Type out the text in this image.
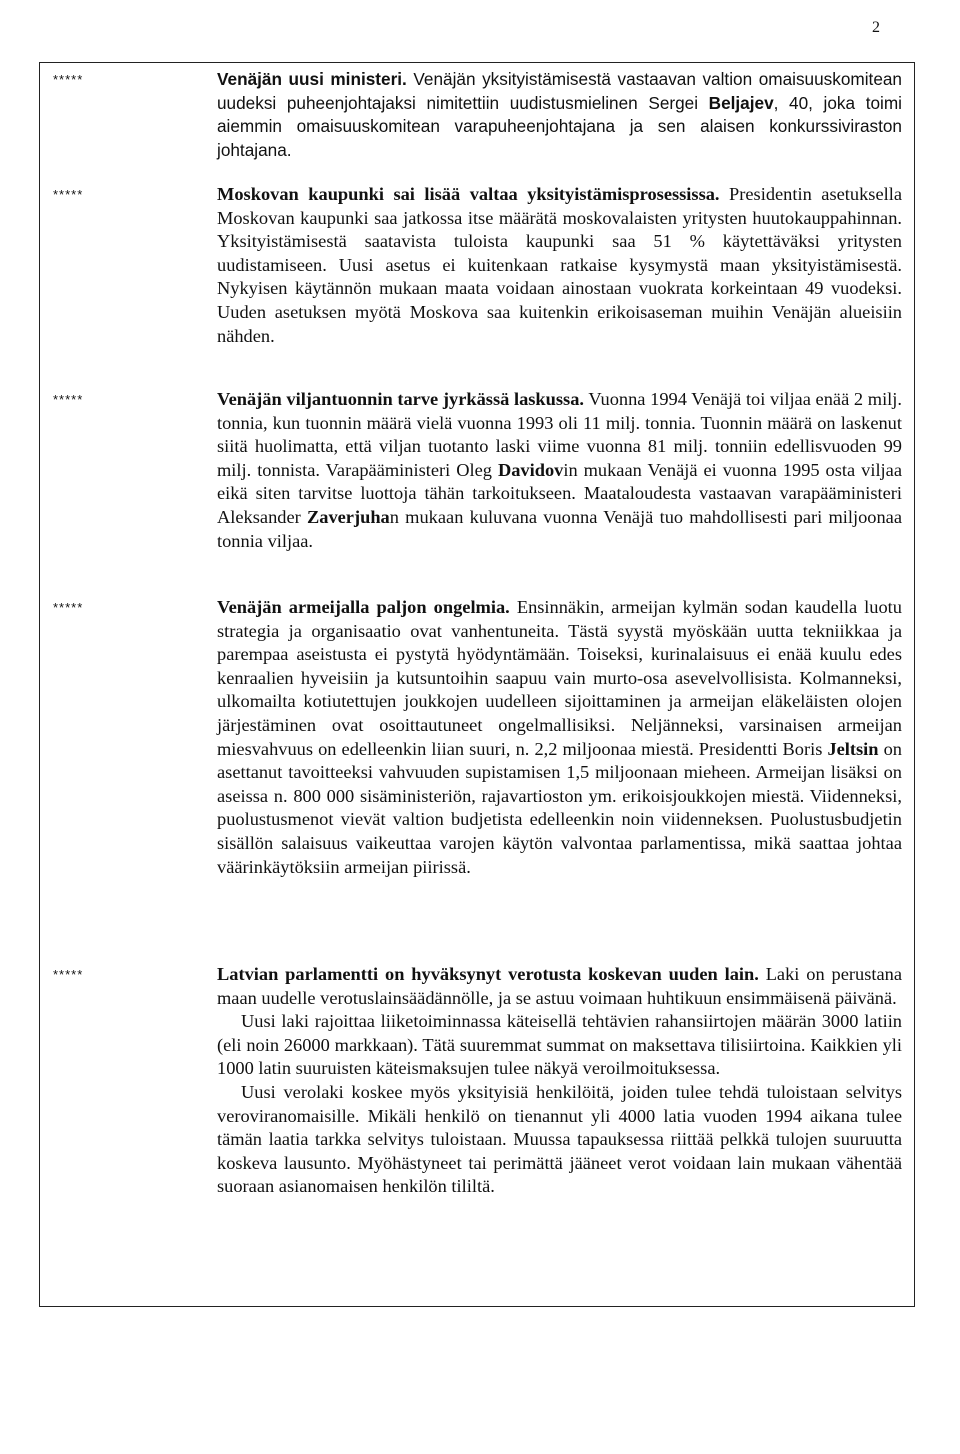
2
*****	Venäjän uusi ministeri. Venäjän yksityistämisestä vastaavan valtion omaisuuskomitean uudeksi puheenjohtajaksi nimitettiin uudistusmielinen Sergei Beljajev, 40, joka toimi aiemmin omaisuuskomitean varapuheenjohtajana ja sen alaisen konkurssiviraston johtajana.

*****	Moskovan kaupunki sai lisää valtaa yksityistämisprosessissa. Presidentin asetuksella Moskovan kaupunki saa jatkossa itse määrätä moskovalaisten yritysten huutokauppahinnan. Yksityistämisestä saatavista tuloista kaupunki saa 51 % käytettäväksi yritysten uudistamiseen. Uusi asetus ei kuitenkaan ratkaise kysymystä maan yksityistämisestä. Nykyisen käytännön mukaan maata voidaan ainostaan vuokrata korkeintaan 49 vuodeksi. Uuden asetuksen myötä Moskova saa kuitenkin erikoisaseman muihin Venäjän alueisiin nähden.

*****	Venäjän viljantuonnin tarve jyrkässä laskussa. Vuonna 1994 Venäjä toi viljaa enää 2 milj. tonnia, kun tuonnin määrä vielä vuonna 1993 oli 11 milj. tonnia. Tuonnin määrä on laskenut siitä huolimatta, että viljan tuotanto laski viime vuonna 81 milj. tonniin edellisvuoden 99 milj. tonnista. Varapääministeri Oleg Davidovin mukaan Venäjä ei vuonna 1995 osta viljaa eikä siten tarvitse luottoja tähän tarkoitukseen. Maataloudesta vastaavan varapääministeri Aleksander Zaverjuhan mukaan kuluvana vuonna Venäjä tuo mahdollisesti pari miljoonaa tonnia viljaa.

*****	Venäjän armeijalla paljon ongelmia. Ensinnäkin, armeijan kylmän sodan kaudella luotu strategia ja organisaatio ovat vanhentuneita. Tästä syystä myöskään uutta tekniikkaa ja parempaa aseistusta ei pystytä hyödyntämään. Toiseksi, kurinalaisuus ei enää kuulu edes kenraalien hyveisiin ja kutsuntoihin saapuu vain murto-osa asevelvollisista. Kolmanneksi, ulkomailta kotiutettujen joukkojen uudelleen sijoittaminen ja armeijan eläkeläisten olojen järjestäminen ovat osoittautuneet ongelmallisiksi. Neljänneksi, varsinaisen armeijan miesvahvuus on edelleenkin liian suuri, n. 2,2 miljoonaa miestä. Presidentti Boris Jeltsin on asettanut tavoitteeksi vahvuuden supistamisen 1,5 miljoonaan mieheen. Armeijan lisäksi on aseissa n. 800 000 sisäministeriön, rajavartioston ym. erikoisjoukkojen miestä. Viidenneksi, puolustusmenot vievät valtion budjetista edelleenkin noin viidenneksen. Puolustusbudjetin sisällön salaisuus vaikeuttaa varojen käytön valvontaa parlamentissa, mikä saattaa johtaa väärinkäytöksiin armeijan piirissä.

*****	Latvian parlamentti on hyväksynyt verotusta koskevan uuden lain. Laki on perustana maan uudelle verotuslainsäädännölle, ja se astuu voimaan huhtikuun ensimmäisenä päivänä.

Uusi laki rajoittaa liiketoiminnassa käteisellä tehtävien rahansiirtojen määrän 3000 latiin (eli noin 26000 markkaan). Tätä suuremmat summat on maksettava tilisiirtoina. Kaikkien yli 1000 latin suuruisten käteismaksujen tulee näkyä veroilmoituksessa.

Uusi verolaki koskee myös yksityisiä henkilöitä, joiden tulee tehdä tuloistaan selvitys veroviranomaisille. Mikäli henkilö on tienannut yli 4000 latia vuoden 1994 aikana tulee tämän laatia tarkka selvitys tuloistaan. Muussa tapauksessa riittää pelkkä tulojen suuruutta koskeva lausunto. Myöhästyneet tai perimättä jääneet verot voidaan lain mukaan vähentää suoraan asianomaisen henkilön tililtä.
